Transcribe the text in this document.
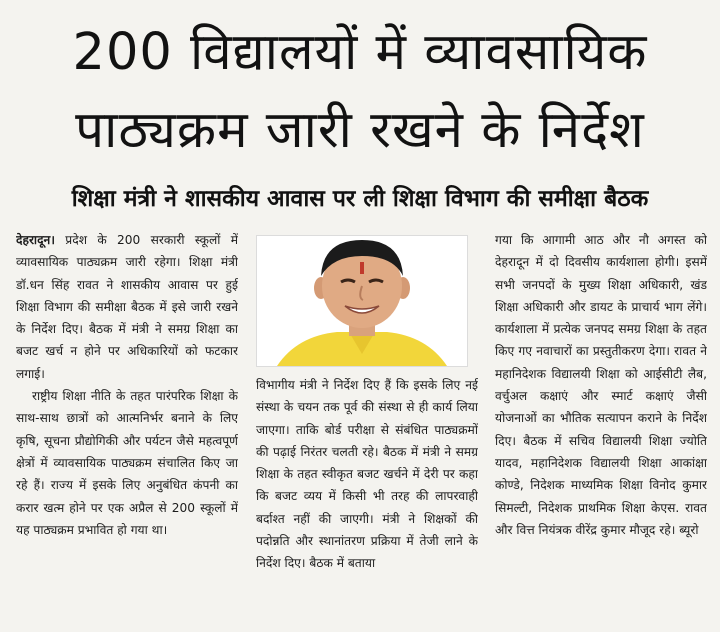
200 विद्यालयों में व्यावसायिक
पाठ्यक्रम जारी रखने के निर्देश
शिक्षा मंत्री ने शासकीय आवास पर ली शिक्षा विभाग की समीक्षा बैठक

देहरादून। प्रदेश के 200 सरकारी स्कूलों में व्यावसायिक पाठ्यक्रम जारी रहेगा। शिक्षा मंत्री डॉ.धन सिंह रावत ने शासकीय आवास पर हुई शिक्षा विभाग की समीक्षा बैठक में इसे जारी रखने के निर्देश दिए। बैठक में मंत्री ने समग्र शिक्षा का बजट खर्च न होने पर अधिकारियों को फटकार लगाई।

राष्ट्रीय शिक्षा नीति के तहत पारंपरिक शिक्षा के साथ-साथ छात्रों को आत्मनिर्भर बनाने के लिए कृषि, सूचना प्रौद्योगिकी और पर्यटन जैसे महत्वपूर्ण क्षेत्रों में व्यावसायिक पाठ्यक्रम संचालित किए जा रहे हैं। राज्य में इसके लिए अनुबंधित कंपनी का करार खत्म होने पर एक अप्रैल से 200 स्कूलों में यह पाठ्यक्रम प्रभावित हो गया था।

विभागीय मंत्री ने निर्देश दिए हैं कि इसके लिए नई संस्था के चयन तक पूर्व की संस्था से ही कार्य लिया जाएगा। ताकि बोर्ड परीक्षा से संबंधित पाठ्यक्रमों की पढ़ाई निरंतर चलती रहे। बैठक में मंत्री ने समग्र शिक्षा के तहत स्वीकृत बजट खर्चने में देरी पर कहा कि बजट व्यय में किसी भी तरह की लापरवाही बर्दाश्त नहीं की जाएगी। मंत्री ने शिक्षकों की पदोन्नति और स्थानांतरण प्रक्रिया में तेजी लाने के निर्देश दिए। बैठक में बताया

गया कि आगामी आठ और नौ अगस्त को देहरादून में दो दिवसीय कार्यशाला होगी। इसमें सभी जनपदों के मुख्य शिक्षा अधिकारी, खंड शिक्षा अधिकारी और डायट के प्राचार्य भाग लेंगे। कार्यशाला में प्रत्येक जनपद समग्र शिक्षा के तहत किए गए नवाचारों का प्रस्तुतीकरण देगा। रावत ने महानिदेशक विद्यालयी शिक्षा को आईसीटी लैब, वर्चुअल कक्षाएं और स्मार्ट कक्षाएं जैसी योजनाओं का भौतिक सत्यापन कराने के निर्देश दिए। बैठक में सचिव विद्यालयी शिक्षा ज्योति यादव, महानिदेशक विद्यालयी शिक्षा आकांक्षा कोण्डे, निदेशक माध्यमिक शिक्षा विनोद कुमार सिमल्टी, निदेशक प्राथमिक शिक्षा केएस. रावत और वित्त नियंत्रक वीरेंद्र कुमार मौजूद रहे। ब्यूरो
